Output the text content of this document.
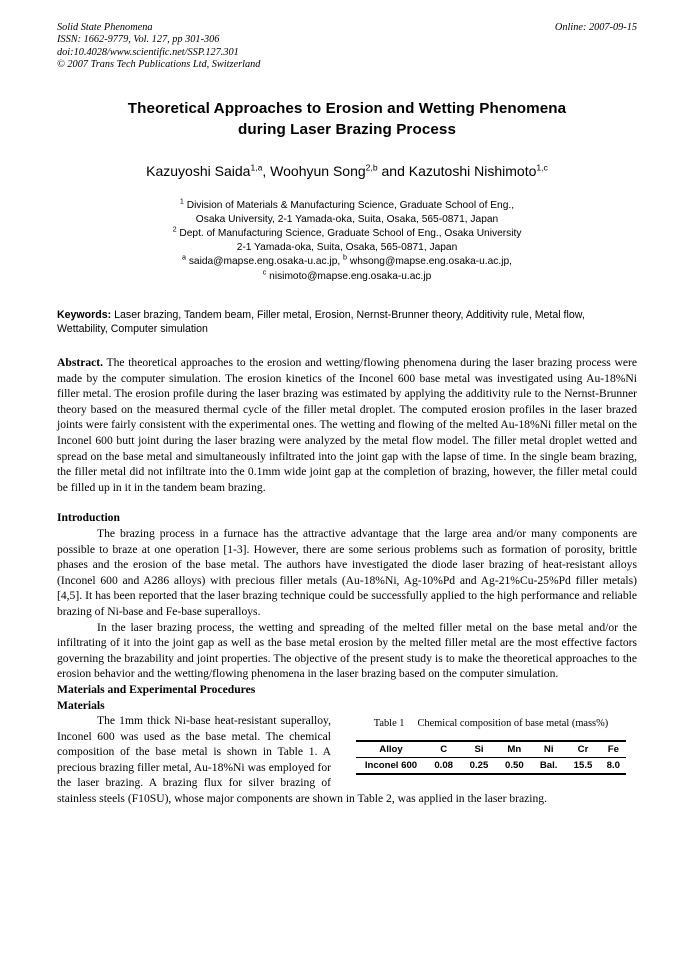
Solid State Phenomena
ISSN: 1662-9779, Vol. 127, pp 301-306
doi:10.4028/www.scientific.net/SSP.127.301
© 2007 Trans Tech Publications Ltd, Switzerland
Online: 2007-09-15
Theoretical Approaches to Erosion and Wetting Phenomena
during Laser Brazing Process
Kazuyoshi Saida$^{1,a}$, Woohyun Song$^{2,b}$ and Kazutoshi Nishimoto$^{1,c}$
$^1$ Division of Materials & Manufacturing Science, Graduate School of Eng.,
Osaka University, 2-1 Yamada-oka, Suita, Osaka, 565-0871, Japan
$^2$ Dept. of Manufacturing Science, Graduate School of Eng., Osaka University
2-1 Yamada-oka, Suita, Osaka, 565-0871, Japan
$^a$ saida@mapse.eng.osaka-u.ac.jp, $^b$ whsong@mapse.eng.osaka-u.ac.jp,
$^c$ nisimoto@mapse.eng.osaka-u.ac.jp
Keywords: Laser brazing, Tandem beam, Filler metal, Erosion, Nernst-Brunner theory, Additivity rule, Metal flow, Wettability, Computer simulation
Abstract. The theoretical approaches to the erosion and wetting/flowing phenomena during the laser brazing process were made by the computer simulation. The erosion kinetics of the Inconel 600 base metal was investigated using Au-18%Ni filler metal. The erosion profile during the laser brazing was estimated by applying the additivity rule to the Nernst-Brunner theory based on the measured thermal cycle of the filler metal droplet. The computed erosion profiles in the laser brazed joints were fairly consistent with the experimental ones. The wetting and flowing of the melted Au-18%Ni filler metal on the Inconel 600 butt joint during the laser brazing were analyzed by the metal flow model. The filler metal droplet wetted and spread on the base metal and simultaneously infiltrated into the joint gap with the lapse of time. In the single beam brazing, the filler metal did not infiltrate into the 0.1mm wide joint gap at the completion of brazing, however, the filler metal could be filled up in it in the tandem beam brazing.
Introduction

The brazing process in a furnace has the attractive advantage that the large area and/or many components are possible to braze at one operation [1-3]. However, there are some serious problems such as formation of porosity, brittle phases and the erosion of the base metal. The authors have investigated the diode laser brazing of heat-resistant alloys (Inconel 600 and A286 alloys) with precious filler metals (Au-18%Ni, Ag-10%Pd and Ag-21%Cu-25%Pd filler metals) [4,5]. It has been reported that the laser brazing technique could be successfully applied to the high performance and reliable brazing of Ni-base and Fe-base superalloys.

In the laser brazing process, the wetting and spreading of the melted filler metal on the base metal and/or the infiltrating of it into the joint gap as well as the base metal erosion by the melted filler metal are the most effective factors governing the brazability and joint properties. The objective of the present study is to make the theoretical approaches to the erosion behavior and the wetting/flowing phenomena in the laser brazing based on the computer simulation.

Materials and Experimental Procedures
Materials
Table 1 Chemical composition of base metal (mass%)
Alloy	C	Si	Mn	Ni	Cr	Fe
Inconel 600	0.08	0.25	0.50	Bal.	15.5	8.0

The 1mm thick Ni-base heat-resistant superalloy, Inconel 600 was used as the base metal. The chemical composition of the base metal is shown in Table 1. A precious brazing filler metal, Au-18%Ni was employed for the laser brazing. A brazing flux for silver brazing of stainless steels (F10SU), whose major components are shown in Table 2, was applied in the laser brazing.
